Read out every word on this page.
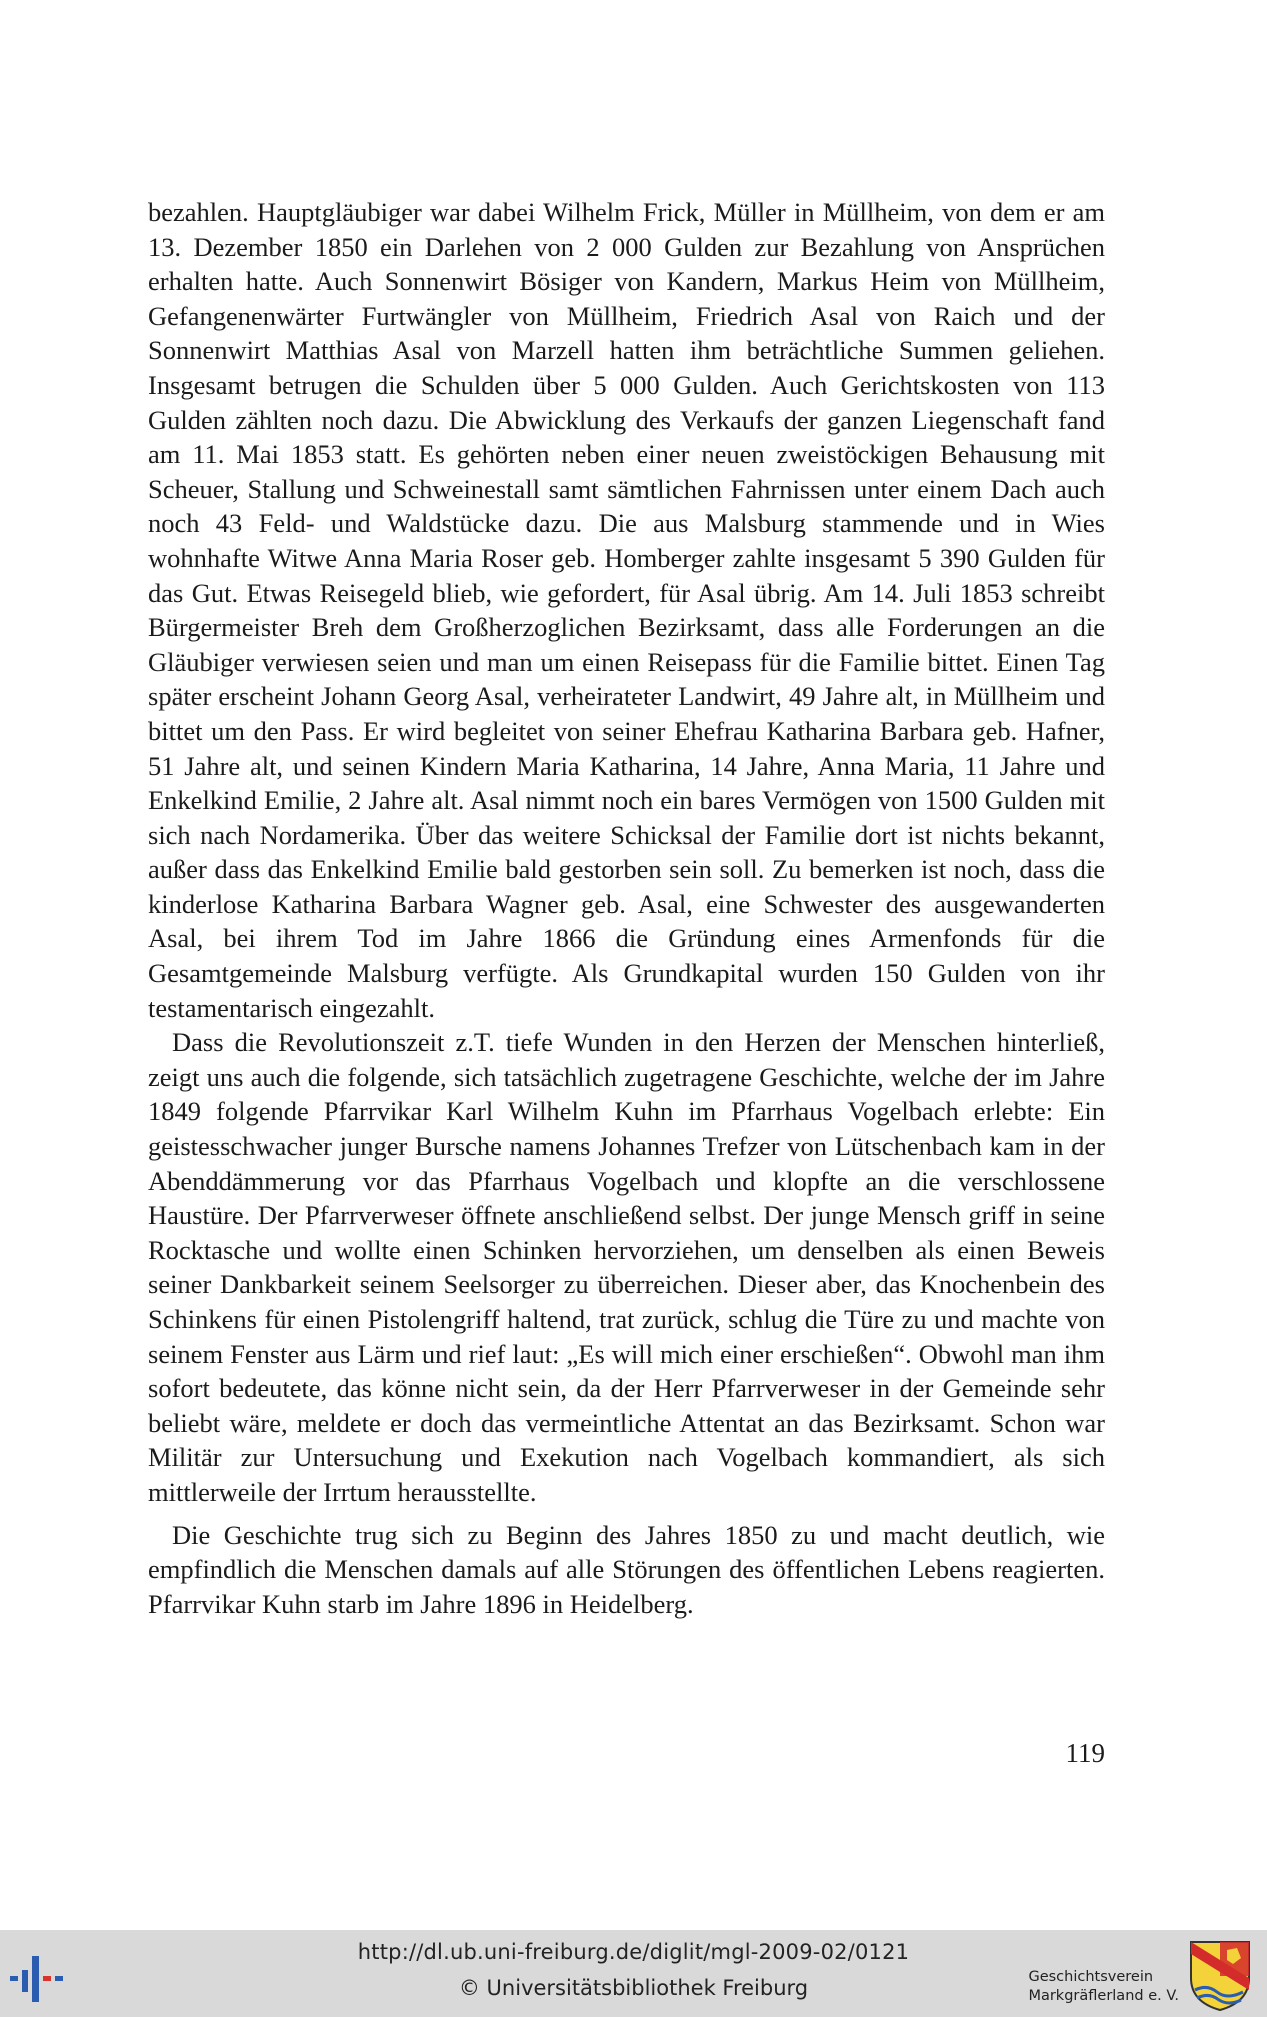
bezahlen. Hauptgläubiger war dabei Wilhelm Frick, Müller in Müllheim, von dem er am 13. Dezember 1850 ein Darlehen von 2 000 Gulden zur Bezahlung von Ansprüchen erhalten hatte. Auch Sonnenwirt Bösiger von Kandern, Markus Heim von Müllheim, Gefangenenwärter Furtwängler von Müllheim, Friedrich Asal von Raich und der Sonnenwirt Matthias Asal von Marzell hatten ihm beträchtliche Summen geliehen. Insgesamt betrugen die Schulden über 5 000 Gulden. Auch Gerichtskosten von 113 Gulden zählten noch dazu. Die Abwicklung des Verkaufs der ganzen Liegenschaft fand am 11. Mai 1853 statt. Es gehörten neben einer neuen zweistöckigen Behausung mit Scheuer, Stallung und Schweinestall samt sämtlichen Fahrnissen unter einem Dach auch noch 43 Feld- und Waldstücke dazu. Die aus Malsburg stammende und in Wies wohnhafte Witwe Anna Maria Roser geb. Homberger zahlte insgesamt 5 390 Gulden für das Gut. Etwas Reisegeld blieb, wie gefordert, für Asal übrig. Am 14. Juli 1853 schreibt Bürgermeister Breh dem Großherzoglichen Bezirksamt, dass alle Forderungen an die Gläubiger verwiesen seien und man um einen Reisepass für die Familie bittet. Einen Tag später erscheint Johann Georg Asal, verheirateter Landwirt, 49 Jahre alt, in Müllheim und bittet um den Pass. Er wird begleitet von seiner Ehefrau Katharina Barbara geb. Hafner, 51 Jahre alt, und seinen Kindern Maria Katharina, 14 Jahre, Anna Maria, 11 Jahre und Enkelkind Emilie, 2 Jahre alt. Asal nimmt noch ein bares Vermögen von 1500 Gulden mit sich nach Nordamerika. Über das weitere Schicksal der Familie dort ist nichts bekannt, außer dass das Enkelkind Emilie bald gestorben sein soll. Zu bemerken ist noch, dass die kinderlose Katharina Barbara Wagner geb. Asal, eine Schwester des ausgewanderten Asal, bei ihrem Tod im Jahre 1866 die Gründung eines Armenfonds für die Gesamtgemeinde Malsburg verfügte. Als Grundkapital wurden 150 Gulden von ihr testamentarisch eingezahlt.

Dass die Revolutionszeit z.T. tiefe Wunden in den Herzen der Menschen hinterließ, zeigt uns auch die folgende, sich tatsächlich zugetragene Geschichte, welche der im Jahre 1849 folgende Pfarrvikar Karl Wilhelm Kuhn im Pfarrhaus Vogelbach erlebte: Ein geistesschwacher junger Bursche namens Johannes Trefzer von Lütschenbach kam in der Abenddämmerung vor das Pfarrhaus Vogelbach und klopfte an die verschlossene Haustüre. Der Pfarrverweser öffnete anschließend selbst. Der junge Mensch griff in seine Rocktasche und wollte einen Schinken hervorziehen, um denselben als einen Beweis seiner Dankbarkeit seinem Seelsorger zu überreichen. Dieser aber, das Knochenbein des Schinkens für einen Pistolengriff haltend, trat zurück, schlug die Türe zu und machte von seinem Fenster aus Lärm und rief laut: „Es will mich einer erschießen“. Obwohl man ihm sofort bedeutete, das könne nicht sein, da der Herr Pfarrverweser in der Gemeinde sehr beliebt wäre, meldete er doch das vermeintliche Attentat an das Bezirksamt. Schon war Militär zur Untersuchung und Exekution nach Vogelbach kommandiert, als sich mittlerweile der Irrtum herausstellte.

Die Geschichte trug sich zu Beginn des Jahres 1850 zu und macht deutlich, wie empfindlich die Menschen damals auf alle Störungen des öffentlichen Lebens reagierten. Pfarrvikar Kuhn starb im Jahre 1896 in Heidelberg.

119
http://dl.ub.uni-freiburg.de/diglit/mgl-2009-02/0121
© Universitätsbibliothek Freiburg	Geschichtsverein
Markgräflerland e. V.
